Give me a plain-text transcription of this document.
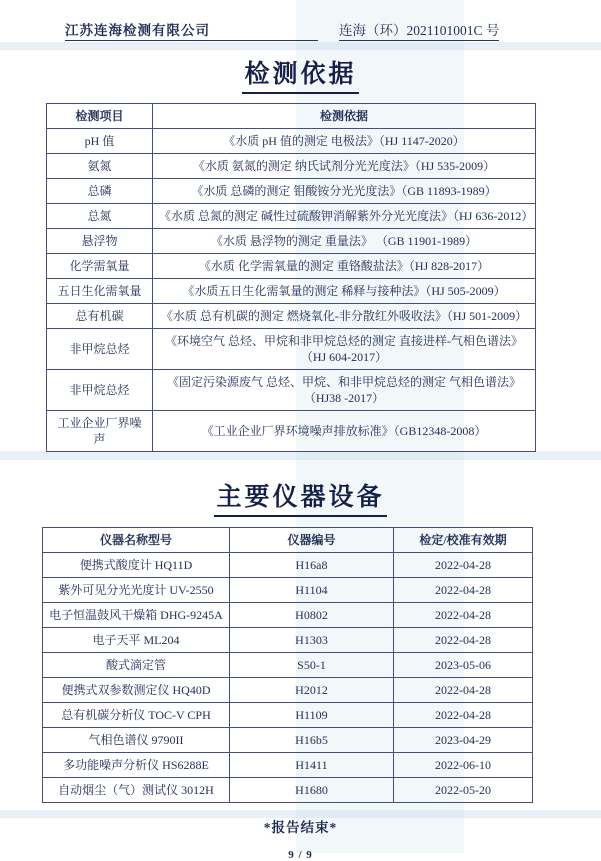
江苏连海检测有限公司	连海（环）2021101001C 号
检测依据
检测项目	检测依据
pH 值	《水质 pH 值的测定 电极法》（HJ 1147-2020）
氨氮	《水质 氨氮的测定 纳氏试剂分光光度法》（HJ 535-2009）
总磷	《水质 总磷的测定 钼酸铵分光光度法》（GB 11893-1989）
总氮	《水质 总氮的测定 碱性过硫酸钾消解紫外分光光度法》（HJ 636-2012）
悬浮物	《水质 悬浮物的测定 重量法》 （GB 11901-1989）
化学需氧量	《水质 化学需氧量的测定 重铬酸盐法》（HJ 828-2017）
五日生化需氧量	《水质五日生化需氧量的测定 稀释与接种法》（HJ 505-2009）
总有机碳	《水质 总有机碳的测定 燃烧氧化-非分散红外吸收法》（HJ 501-2009）
非甲烷总烃	《环境空气 总烃、甲烷和非甲烷总烃的测定 直接进样-气相色谱法》（HJ 604-2017）
非甲烷总烃	《固定污染源废气 总烃、甲烷、和非甲烷总烃的测定 气相色谱法》（HJ38 -2017）
工业企业厂界噪声	《工业企业厂界环境噪声排放标准》（GB12348-2008）
主要仪器设备
仪器名称型号	仪器编号	检定/校准有效期
便携式酸度计 HQ11D	H16a8	2022-04-28
紫外可见分光光度计 UV-2550	H1104	2022-04-28
电子恒温鼓风干燥箱 DHG-9245A	H0802	2022-04-28
电子天平 ML204	H1303	2022-04-28
酸式滴定管	S50-1	2023-05-06
便携式双参数测定仪 HQ40D	H2012	2022-04-28
总有机碳分析仪 TOC-V CPH	H1109	2022-04-28
气相色谱仪 9790II	H16b5	2023-04-29
多功能噪声分析仪 HS6288E	H1411	2022-06-10
自动烟尘（气）测试仪 3012H	H1680	2022-05-20
*报告结束*
9 / 9
